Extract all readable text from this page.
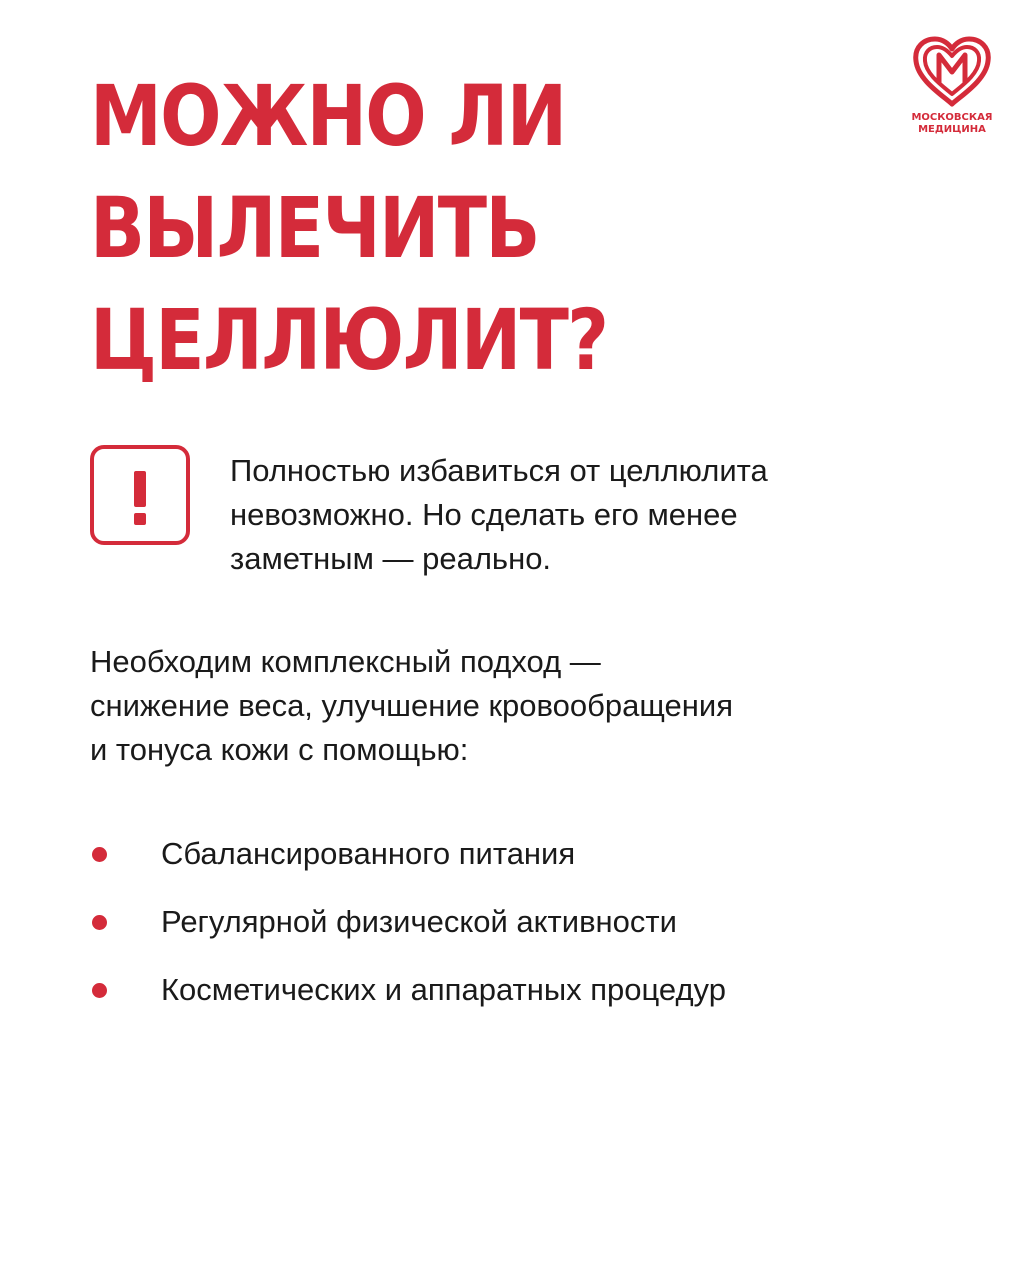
МОЖНО ЛИ
ВЫЛЕЧИТЬ
ЦЕЛЛЮЛИТ?
МОСКОВСКАЯ
МЕДИЦИНА

Полностью избавиться от целлюлита
невозможно. Но сделать его менее
заметным — реально.

Необходим комплексный подход —
снижение веса, улучшение кровообращения
и тонуса кожи с помощью:

Сбалансированного питания
Регулярной физической активности
Косметических и аппаратных процедур
